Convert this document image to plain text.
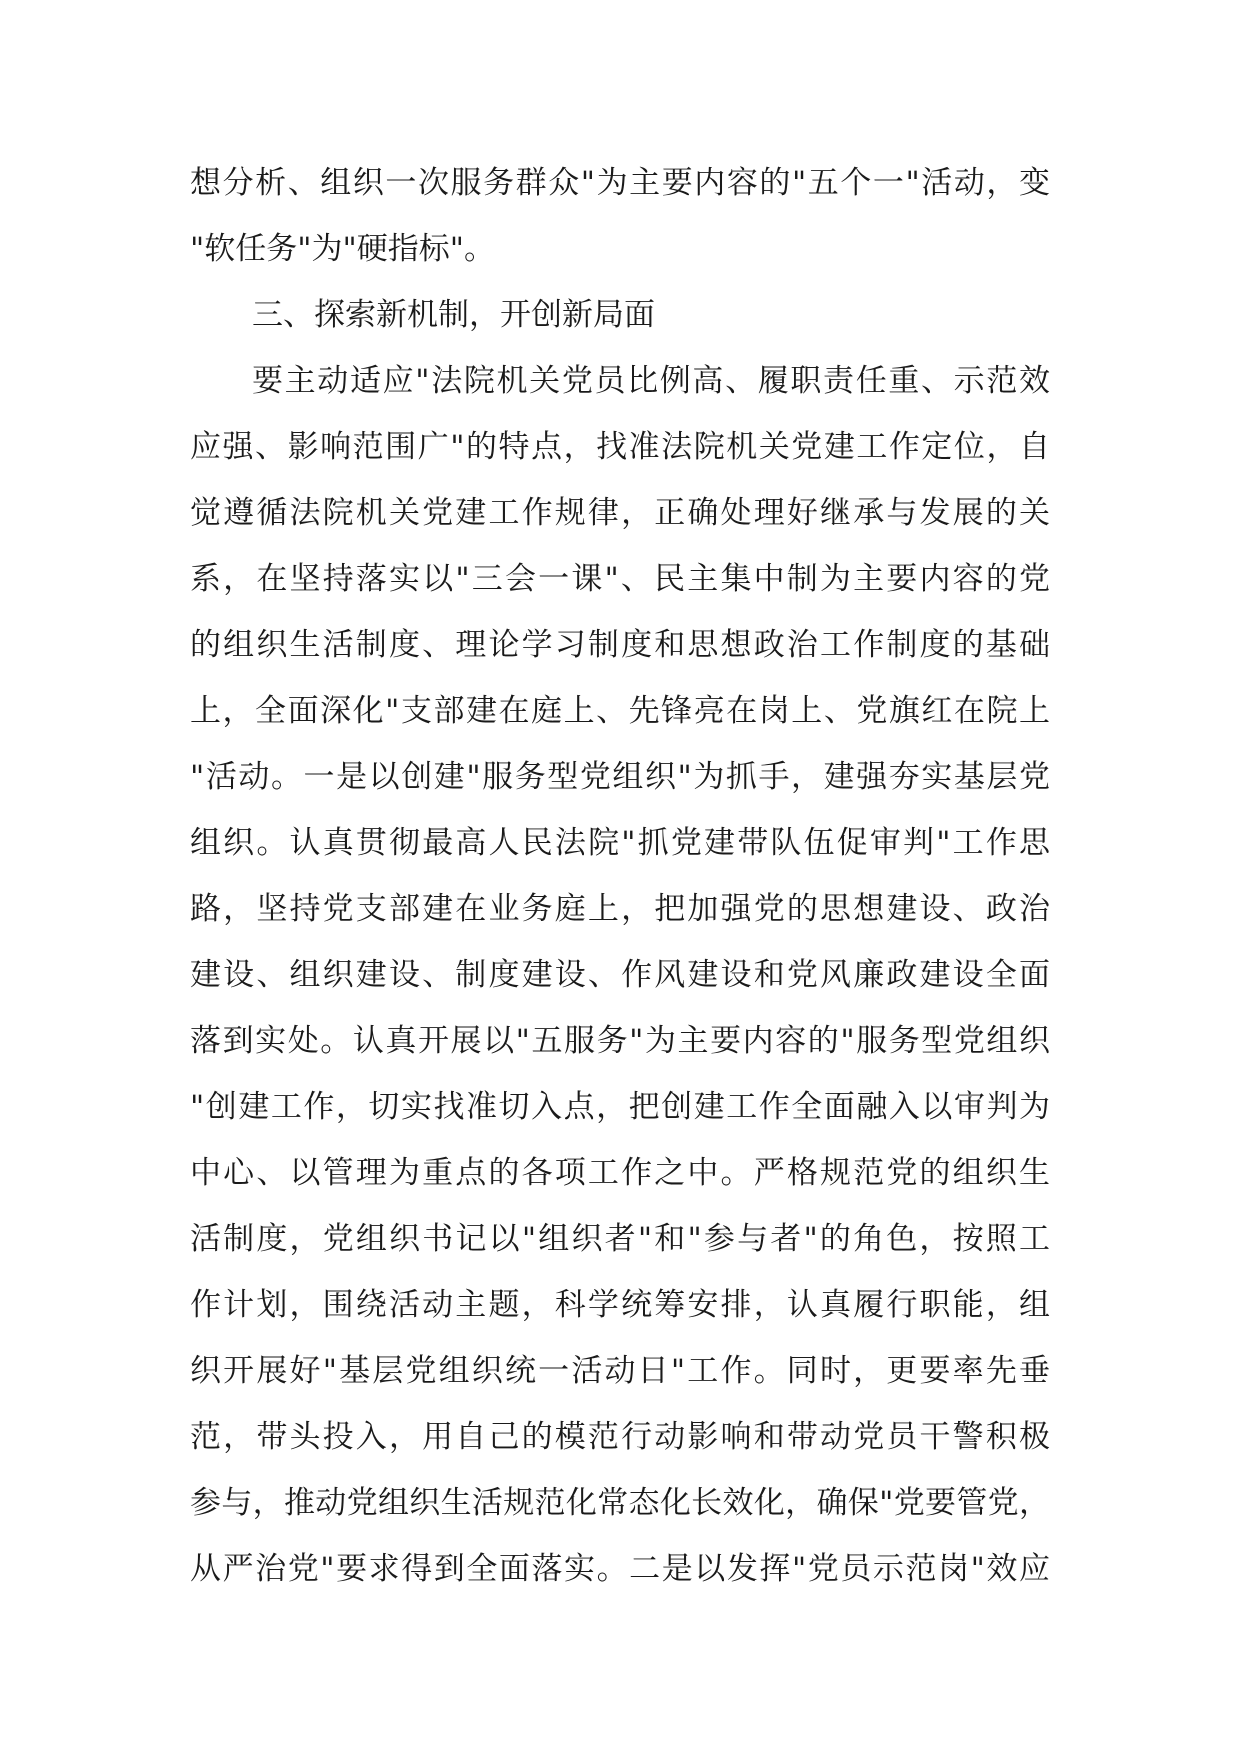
想分析、组织一次服务群众"为主要内容的"五个一"活动，变
"软任务"为"硬指标"。
三、探索新机制，开创新局面
要主动适应"法院机关党员比例高、履职责任重、示范效
应强、影响范围广"的特点，找准法院机关党建工作定位，自
觉遵循法院机关党建工作规律，正确处理好继承与发展的关
系，在坚持落实以"三会一课"、民主集中制为主要内容的党
的组织生活制度、理论学习制度和思想政治工作制度的基础
上，全面深化"支部建在庭上、先锋亮在岗上、党旗红在院上
"活动。一是以创建"服务型党组织"为抓手，建强夯实基层党
组织。认真贯彻最高人民法院"抓党建带队伍促审判"工作思
路，坚持党支部建在业务庭上，把加强党的思想建设、政治
建设、组织建设、制度建设、作风建设和党风廉政建设全面
落到实处。认真开展以"五服务"为主要内容的"服务型党组织
"创建工作，切实找准切入点，把创建工作全面融入以审判为
中心、以管理为重点的各项工作之中。严格规范党的组织生
活制度，党组织书记以"组织者"和"参与者"的角色，按照工
作计划，围绕活动主题，科学统筹安排，认真履行职能，组
织开展好"基层党组织统一活动日"工作。同时，更要率先垂
范，带头投入，用自己的模范行动影响和带动党员干警积极
参与，推动党组织生活规范化常态化长效化，确保"党要管党，
从严治党"要求得到全面落实。二是以发挥"党员示范岗"效应
